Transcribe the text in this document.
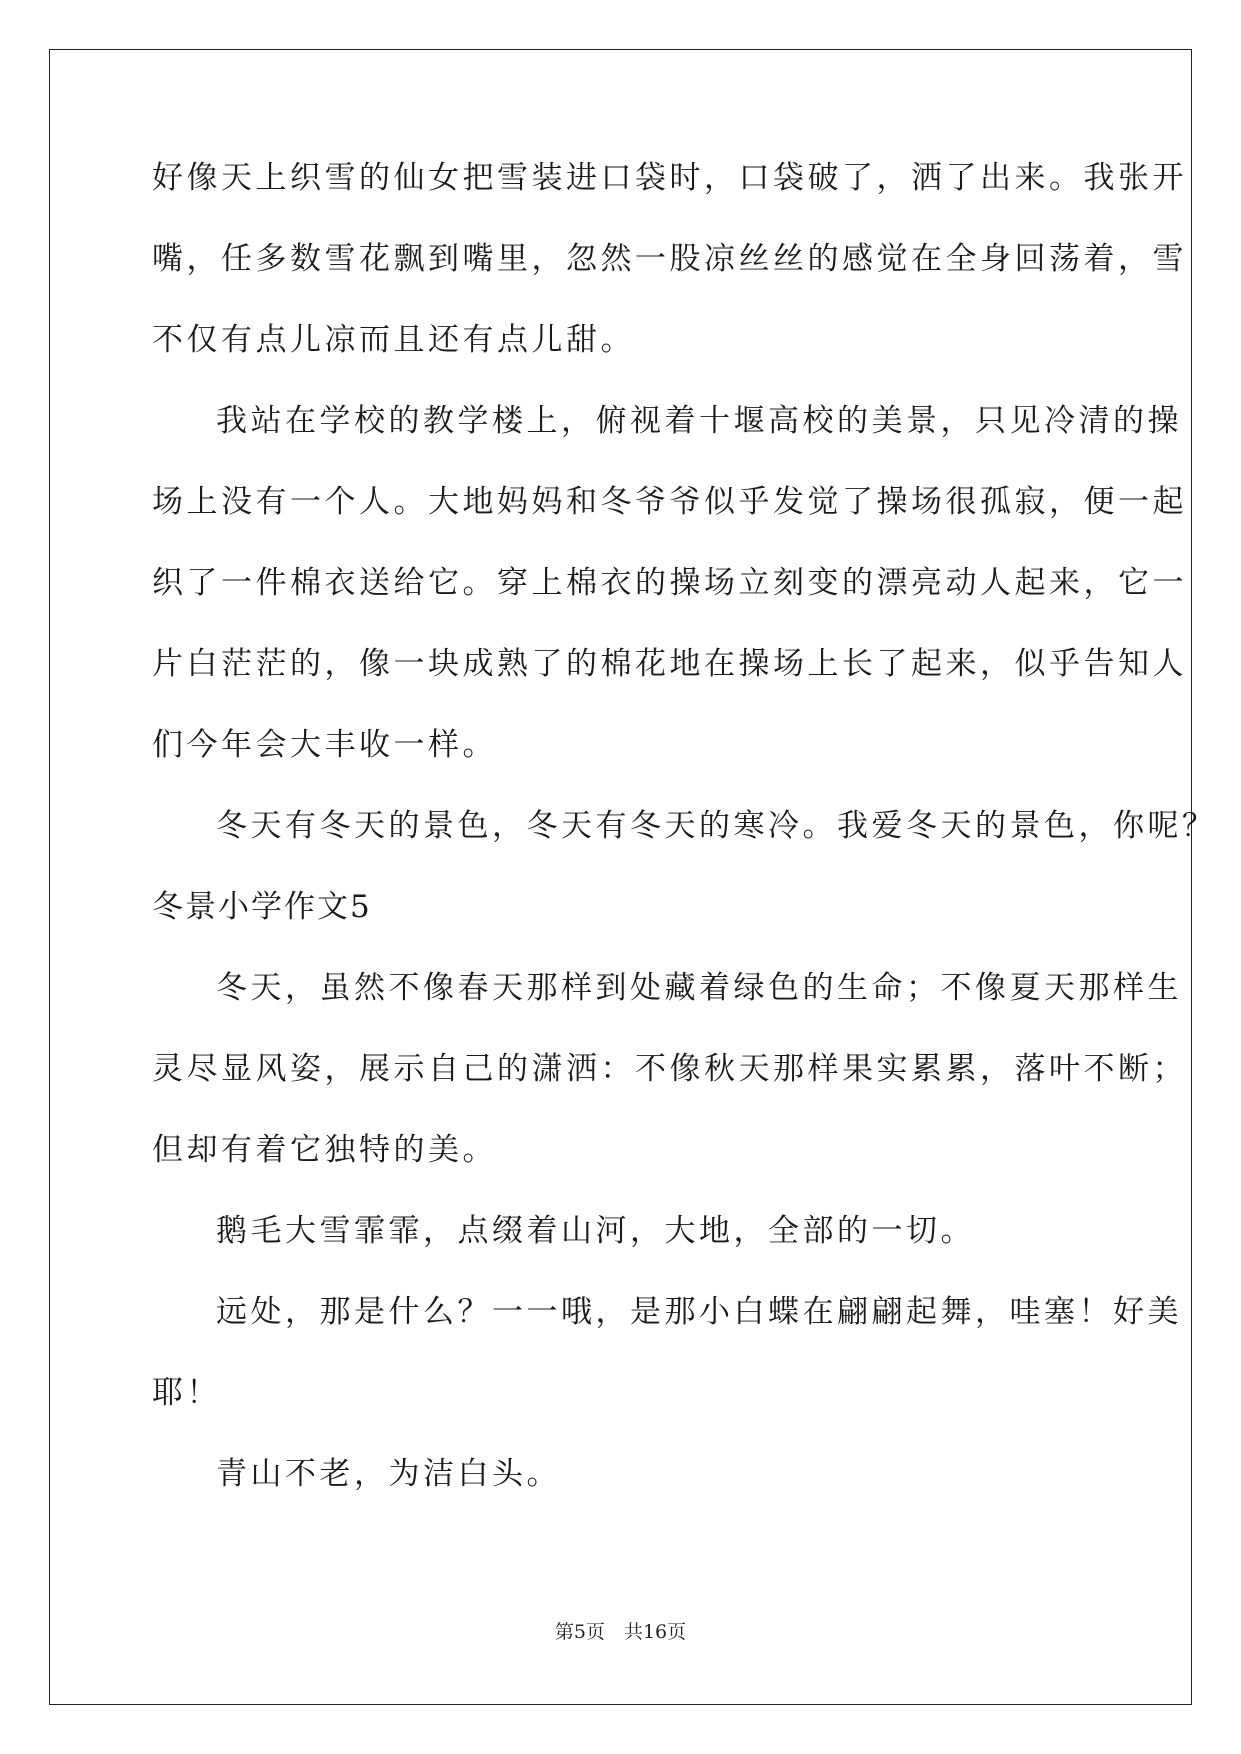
好像天上织雪的仙女把雪装进口袋时，口袋破了，洒了出来。我张开
嘴，任多数雪花飘到嘴里，忽然一股凉丝丝的感觉在全身回荡着，雪
不仅有点儿凉而且还有点儿甜。
我站在学校的教学楼上，俯视着十堰高校的美景，只见冷清的操
场上没有一个人。大地妈妈和冬爷爷似乎发觉了操场很孤寂，便一起
织了一件棉衣送给它。穿上棉衣的操场立刻变的漂亮动人起来，它一
片白茫茫的，像一块成熟了的棉花地在操场上长了起来，似乎告知人
们今年会大丰收一样。
冬天有冬天的景色，冬天有冬天的寒冷。我爱冬天的景色，你呢？
冬景小学作文5
冬天，虽然不像春天那样到处藏着绿色的生命；不像夏天那样生
灵尽显风姿，展示自己的潇洒：不像秋天那样果实累累，落叶不断；
但却有着它独特的美。
鹅毛大雪霏霏，点缀着山河，大地，全部的一切。
远处，那是什么？一一哦，是那小白蝶在翩翩起舞，哇塞！好美
耶！
青山不老，为洁白头。
第5页　共16页
